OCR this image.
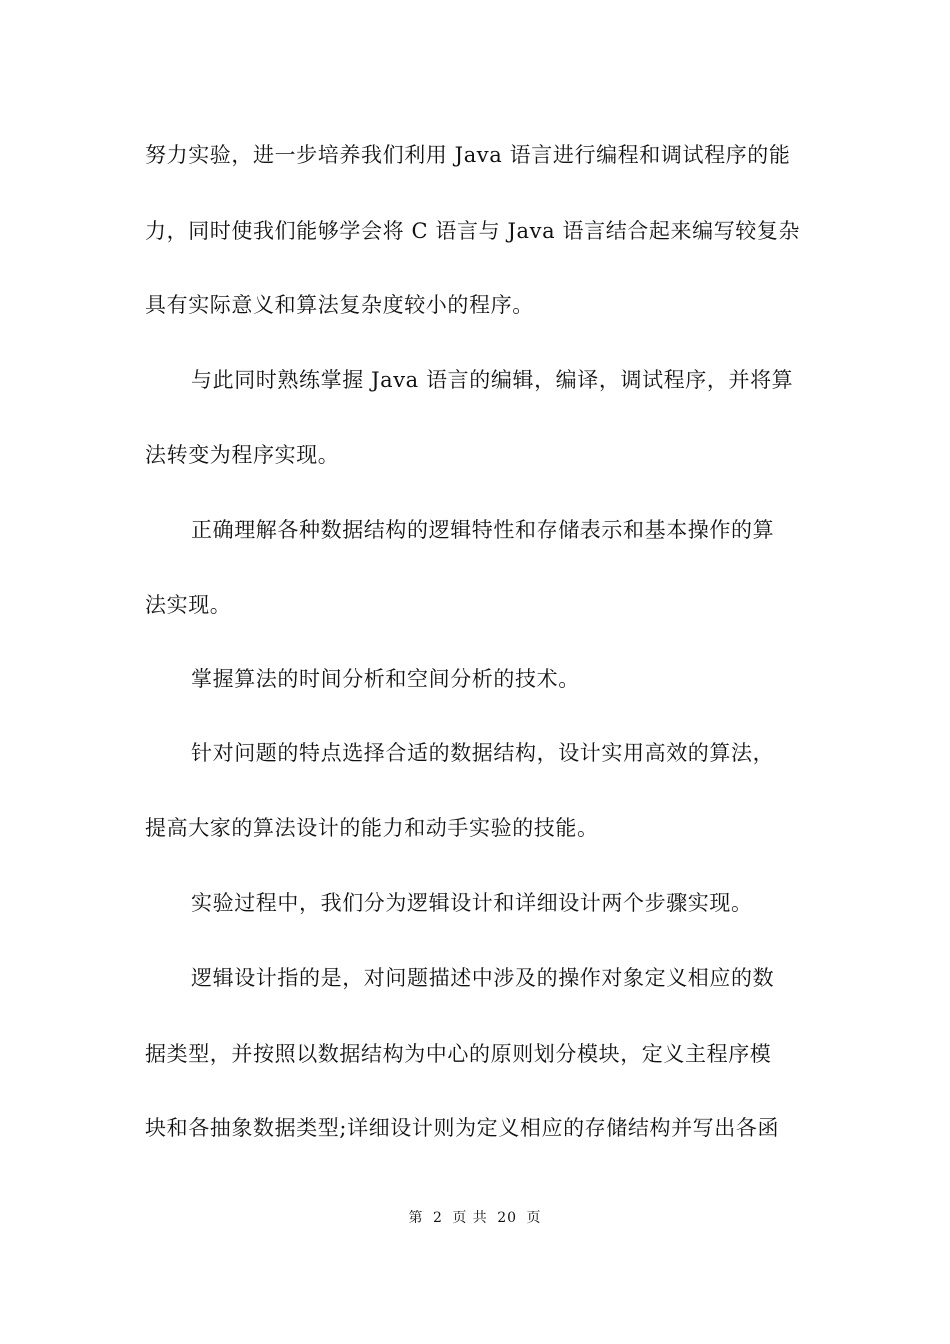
努力实验，进一步培养我们利用 Java 语言进行编程和调试程序的能
力，同时使我们能够学会将 C 语言与 Java 语言结合起来编写较复杂
具有实际意义和算法复杂度较小的程序。
与此同时熟练掌握 Java 语言的编辑，编译，调试程序，并将算
法转变为程序实现。
正确理解各种数据结构的逻辑特性和存储表示和基本操作的算
法实现。
掌握算法的时间分析和空间分析的技术。
针对问题的特点选择合适的数据结构，设计实用高效的算法，
提高大家的算法设计的能力和动手实验的技能。
实验过程中，我们分为逻辑设计和详细设计两个步骤实现。
逻辑设计指的是，对问题描述中涉及的操作对象定义相应的数
据类型，并按照以数据结构为中心的原则划分模块，定义主程序模
块和各抽象数据类型;详细设计则为定义相应的存储结构并写出各函
第 2 页 共 20 页
